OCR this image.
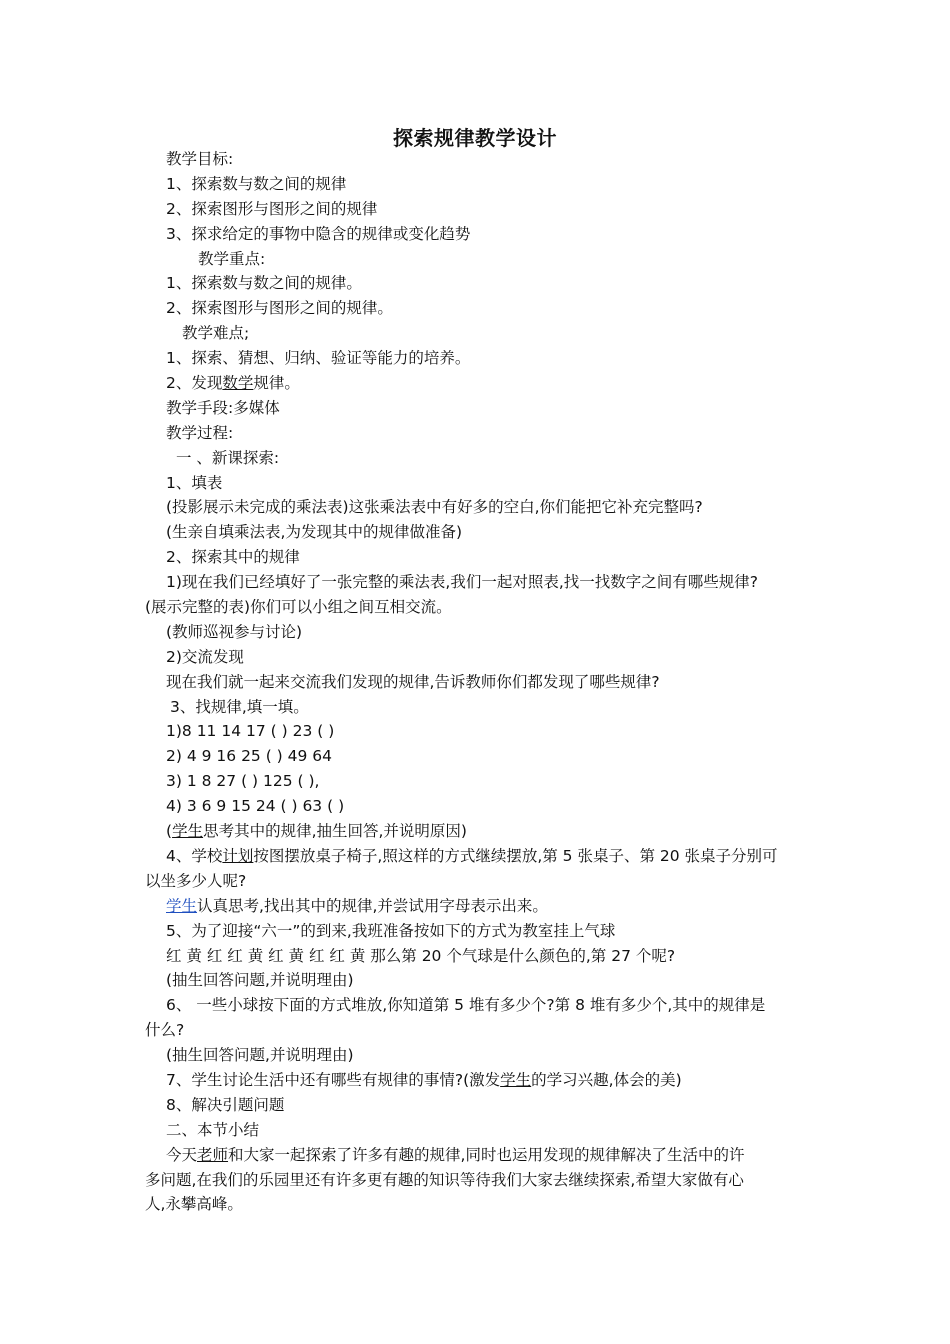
探索规律教学设计
教学目标:
1、探索数与数之间的规律
2、探索图形与图形之间的规律
3、探求给定的事物中隐含的规律或变化趋势
教学重点:
1、探索数与数之间的规律。
2、探索图形与图形之间的规律。
教学难点;
1、探索、猜想、归纳、验证等能力的培养。
2、发现数学规律。
教学手段:多媒体
教学过程:
一 、新课探索:
1、填表
(投影展示未完成的乘法表)这张乘法表中有好多的空白,你们能把它补充完整吗?
(生亲自填乘法表,为发现其中的规律做准备)
2、探索其中的规律
1)现在我们已经填好了一张完整的乘法表,我们一起对照表,找一找数字之间有哪些规律?
(展示完整的表)你们可以小组之间互相交流。
(教师巡视参与讨论)
2)交流发现
现在我们就一起来交流我们发现的规律,告诉教师你们都发现了哪些规律?
3、找规律,填一填。
1)8 11 14 17 ( ) 23 ( )
2) 4 9 16 25 ( ) 49 64
3) 1 8 27 ( ) 125 ( ),
4) 3 6 9 15 24 ( ) 63 ( )
(学生思考其中的规律,抽生回答,并说明原因)
4、学校计划按图摆放桌子椅子,照这样的方式继续摆放,第 5 张桌子、第 20 张桌子分别可
以坐多少人呢?
学生认真思考,找出其中的规律,并尝试用字母表示出来。
5、为了迎接“六一”的到来,我班准备按如下的方式为教室挂上气球
红 黄 红 红 黄 红 黄 红 红 黄 那么第 20 个气球是什么颜色的,第 27 个呢?
(抽生回答问题,并说明理由)
6、 一些小球按下面的方式堆放,你知道第 5 堆有多少个?第 8 堆有多少个,其中的规律是
什么?
(抽生回答问题,并说明理由)
7、学生讨论生活中还有哪些有规律的事情?(激发学生的学习兴趣,体会的美)
8、解决引题问题
二、本节小结
今天老师和大家一起探索了许多有趣的规律,同时也运用发现的规律解决了生活中的许
多问题,在我们的乐园里还有许多更有趣的知识等待我们大家去继续探索,希望大家做有心
人,永攀高峰。
